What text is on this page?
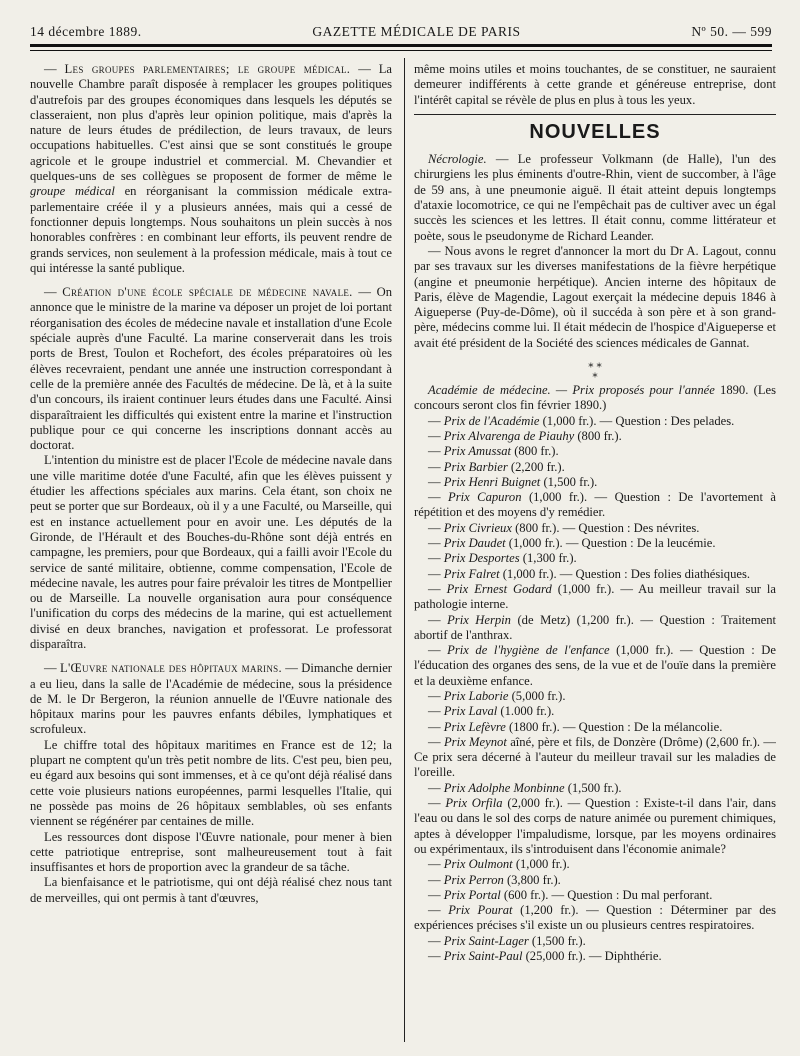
14 décembre 1889.	GAZETTE MÉDICALE DE PARIS	Nº 50. — 599

— Les groupes parlementaires; le groupe médical. — La nouvelle Chambre paraît disposée à remplacer les groupes politiques d'autrefois par des groupes économiques dans lesquels les députés se classeraient, non plus d'après leur opinion politique, mais d'après la nature de leurs études de prédilection, de leurs travaux, de leurs occupations habituelles. C'est ainsi que se sont constitués le groupe agricole et le groupe industriel et commercial. M. Chevandier et quelques-uns de ses collègues se proposent de former de même le groupe médical en réorganisant la commission médicale extra-parlementaire créée il y a plusieurs années, mais qui a cessé de fonctionner depuis longtemps. Nous souhaitons un plein succès à nos honorables confrères : en combinant leur efforts, ils peuvent rendre de grands services, non seulement à la profession médicale, mais à tout ce qui intéresse la santé publique.

— Création d'une école spéciale de médecine navale. — On annonce que le ministre de la marine va déposer un projet de loi portant réorganisation des écoles de médecine navale et installation d'une Ecole spéciale auprès d'une Faculté. La marine conserverait dans les trois ports de Brest, Toulon et Rochefort, des écoles préparatoires où les élèves recevraient, pendant une année une instruction correspondant à celle de la première année des Facultés de médecine. De là, et à la suite d'un concours, ils iraient continuer leurs études dans une Faculté. Ainsi disparaîtraient les difficultés qui existent entre la marine et l'instruction publique pour ce qui concerne les inscriptions donnant accès au doctorat.

L'intention du ministre est de placer l'Ecole de médecine navale dans une ville maritime dotée d'une Faculté, afin que les élèves puissent y étudier les affections spéciales aux marins. Cela étant, son choix ne peut se porter que sur Bordeaux, où il y a une Faculté, ou Marseille, qui est en instance actuellement pour en avoir une. Les députés de la Gironde, de l'Hérault et des Bouches-du-Rhône sont déjà entrés en campagne, les premiers, pour que Bordeaux, qui a failli avoir l'Ecole du service de santé militaire, obtienne, comme compensation, l'Ecole de médecine navale, les autres pour faire prévaloir les titres de Montpellier ou de Marseille. La nouvelle organisation aura pour conséquence l'unification du corps des médecins de la marine, qui est actuellement divisé en deux branches, navigation et professorat. Le professorat disparaîtra.

— L'Œuvre nationale des hôpitaux marins. — Dimanche dernier a eu lieu, dans la salle de l'Académie de médecine, sous la présidence de M. le Dr Bergeron, la réunion annuelle de l'Œuvre nationale des hôpitaux marins pour les pauvres enfants débiles, lymphatiques et scrofuleux.

Le chiffre total des hôpitaux maritimes en France est de 12; la plupart ne comptent qu'un très petit nombre de lits. C'est peu, bien peu, eu égard aux besoins qui sont immenses, et à ce qu'ont déjà réalisé dans cette voie plusieurs nations européennes, parmi lesquelles l'Italie, qui ne possède pas moins de 26 hôpitaux semblables, où ses enfants viennent se régénérer par centaines de mille.

Les ressources dont dispose l'Œuvre nationale, pour mener à bien cette patriotique entreprise, sont malheureusement tout à fait insuffisantes et hors de proportion avec la grandeur de sa tâche.

La bienfaisance et le patriotisme, qui ont déjà réalisé chez nous tant de merveilles, qui ont permis à tant d'œuvres,

même moins utiles et moins touchantes, de se constituer, ne sauraient demeurer indifférents à cette grande et généreuse entreprise, dont l'intérêt capital se révèle de plus en plus à tous les yeux.

NOUVELLES

Nécrologie. — Le professeur Volkmann (de Halle), l'un des chirurgiens les plus éminents d'outre-Rhin, vient de succomber, à l'âge de 59 ans, à une pneumonie aiguë. Il était atteint depuis longtemps d'ataxie locomotrice, ce qui ne l'empêchait pas de cultiver avec un égal succès les sciences et les lettres. Il était connu, comme littérateur et poète, sous le pseudonyme de Richard Leander.

— Nous avons le regret d'annoncer la mort du Dr A. Lagout, connu par ses travaux sur les diverses manifestations de la fièvre herpétique (angine et pneumonie herpétique). Ancien interne des hôpitaux de Paris, élève de Magendie, Lagout exerçait la médecine depuis 1846 à Aigueperse (Puy-de-Dôme), où il succéda à son père et à son grand-père, médecins comme lui. Il était médecin de l'hospice d'Aigueperse et avait été président de la Société des sciences médicales de Gannat.

⁎ ⁎
⁎

Académie de médecine. — Prix proposés pour l'année 1890. (Les concours seront clos fin février 1890.)

— Prix de l'Académie (1,000 fr.). — Question : Des pelades.

— Prix Alvarenga de Piauhy (800 fr.).

— Prix Amussat (800 fr.).

— Prix Barbier (2,200 fr.).

— Prix Henri Buignet (1,500 fr.).

— Prix Capuron (1,000 fr.). — Question : De l'avortement à répétition et des moyens d'y remédier.

— Prix Civrieux (800 fr.). — Question : Des névrites.

— Prix Daudet (1,000 fr.). — Question : De la leucémie.

— Prix Desportes (1,300 fr.).

— Prix Falret (1,000 fr.). — Question : Des folies diathésiques.

— Prix Ernest Godard (1,000 fr.). — Au meilleur travail sur la pathologie interne.

— Prix Herpin (de Metz) (1,200 fr.). — Question : Traitement abortif de l'anthrax.

— Prix de l'hygiène de l'enfance (1,000 fr.). — Question : De l'éducation des organes des sens, de la vue et de l'ouïe dans la première et la deuxième enfance.

— Prix Laborie (5,000 fr.).

— Prix Laval (1.000 fr.).

— Prix Lefèvre (1800 fr.). — Question : De la mélancolie.

— Prix Meynot aîné, père et fils, de Donzère (Drôme) (2,600 fr.). — Ce prix sera décerné à l'auteur du meilleur travail sur les maladies de l'oreille.

— Prix Adolphe Monbinne (1,500 fr.).

— Prix Orfila (2,000 fr.). — Question : Existe-t-il dans l'air, dans l'eau ou dans le sol des corps de nature animée ou purement chimiques, aptes à développer l'impaludisme, lorsque, par les moyens ordinaires ou expérimentaux, ils s'introduisent dans l'économie animale?

— Prix Oulmont (1,000 fr.).

— Prix Perron (3,800 fr.).

— Prix Portal (600 fr.). — Question : Du mal perforant.

— Prix Pourat (1,200 fr.). — Question : Déterminer par des expériences précises s'il existe un ou plusieurs centres respiratoires.

— Prix Saint-Lager (1,500 fr.).

— Prix Saint-Paul (25,000 fr.). — Diphthérie.
